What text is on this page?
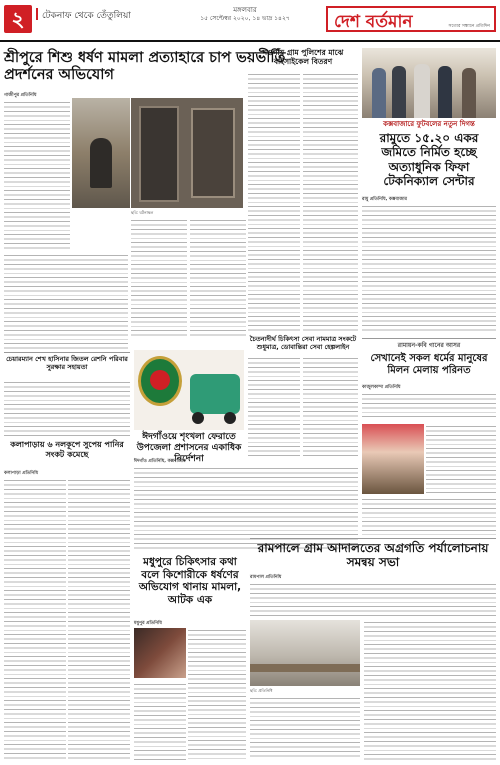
২	টেকনাফ থেকে তেঁতুলিয়া
মঙ্গলবার
১৫ সেপ্টেম্বর ২০২০, ১৪ ভাদ্র ১৪২৭	দেশ বর্তমান	সত্যের সন্ধানে প্রতিদিন
শ্রীপুরে শিশু ধর্ষণ মামলা প্রত্যাহারে চাপ ভয়ভীতি প্রদর্শনের অভিযোগ
গাজীপুর প্রতিনিধি
ছবি: ঘটনাস্থল
নওগাঁয় গ্রাম পুলিশের মাঝে বাইসাইকেল বিতরণ
কক্সবাজারে ফুটবলের নতুন দিগন্ত
রামুতে ১৫.২০ একর জমিতে নির্মিত হচ্ছে অত্যাধুনিক ফিফা টেকনিক্যাল সেন্টার
রামু প্রতিনিধি, কক্সবাজার
চৈতন্যদীর্ঘ চিকিৎসা সেবা নামমাত্র সংকটে শুধুমাত্র, ডোবান্তিরা সেবা হেল্পলাইন	রামায়ন-কবি গানের আসর
সেখানেই সকল ধর্মের মানুষের মিলন মেলায় পরিনত
কাজুলকান্দা প্রতিনিধি
চেয়ারম্যান শেখ হাসিনার জিতল রেশনি পরিবার সুরক্ষার সহায়তা
কলাপাড়ায় ৬ নলকূপে সুপেয় পানির সংকট কমেছে
কলাপাড়া প্রতিনিধি
ঈদগাঁওয়ে শৃংখলা ফেরাতে উপজেলা প্রশাসনের একাধিক নির্দেশনা
ঈদগাঁও প্রতিনিধি, কক্সবাজার
রামপালে গ্রাম আদালতের অগ্রগতি পর্যালোচনায় সমন্বয় সভা
রামপাল প্রতিনিধি
ছবি: প্রতিনিধি
মধুপুরে চিকিৎসার কথা বলে কিশোরীকে ধর্ষণের অভিযোগ থানায় মামলা, আটক এক
মধুপুর প্রতিনিধি
